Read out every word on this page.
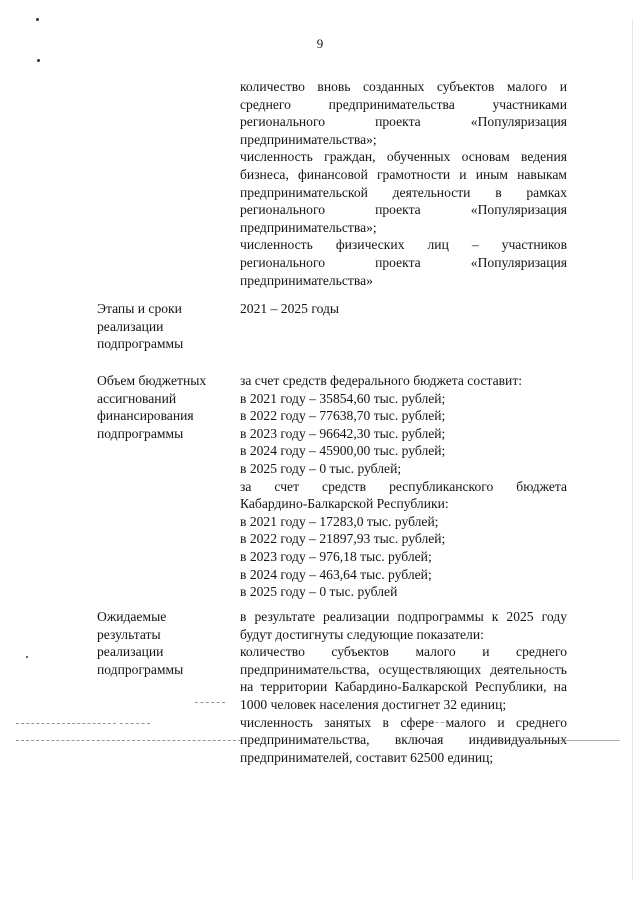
9
количество вновь созданных субъектов малого и среднего предпринимательства участниками регионального проекта «Популяризация предпринимательства»;
численность граждан, обученных основам ведения бизнеса, финансовой грамотности и иным навыкам предпринимательской деятельности в рамках регионального проекта «Популяризация предпринимательства»;
численность физических лиц – участников регионального проекта «Популяризация предпринимательства»
Этапы и сроки
реализации
подпрограммы
2021 – 2025 годы
Объем бюджетных
ассигнований
финансирования
подпрограммы
за счет средств федерального бюджета составит:
в 2021 году – 35854,60 тыс. рублей;
в 2022 году – 77638,70 тыс. рублей;
в 2023 году – 96642,30 тыс. рублей;
в 2024 году – 45900,00 тыс. рублей;
в 2025 году – 0 тыс. рублей;
за счет средств республиканского бюджета
Кабардино-Балкарской Республики:
в 2021 году – 17283,0 тыс. рублей;
в 2022 году – 21897,93 тыс. рублей;
в 2023 году – 976,18 тыс. рублей;
в 2024 году – 463,64 тыс. рублей;
в 2025 году – 0 тыс. рублей
Ожидаемые
результаты
реализации
подпрограммы
в результате реализации подпрограммы к 2025 году будут достигнуты следующие показатели:
количество субъектов малого и среднего предпринимательства, осуществляющих деятельность на территории Кабардино-Балкарской Республики, на 1000 человек населения достигнет 32 единиц;
численность занятых в сфере малого и среднего предпринимательства, включая индивидуальных предпринимателей, составит 62500 единиц;
